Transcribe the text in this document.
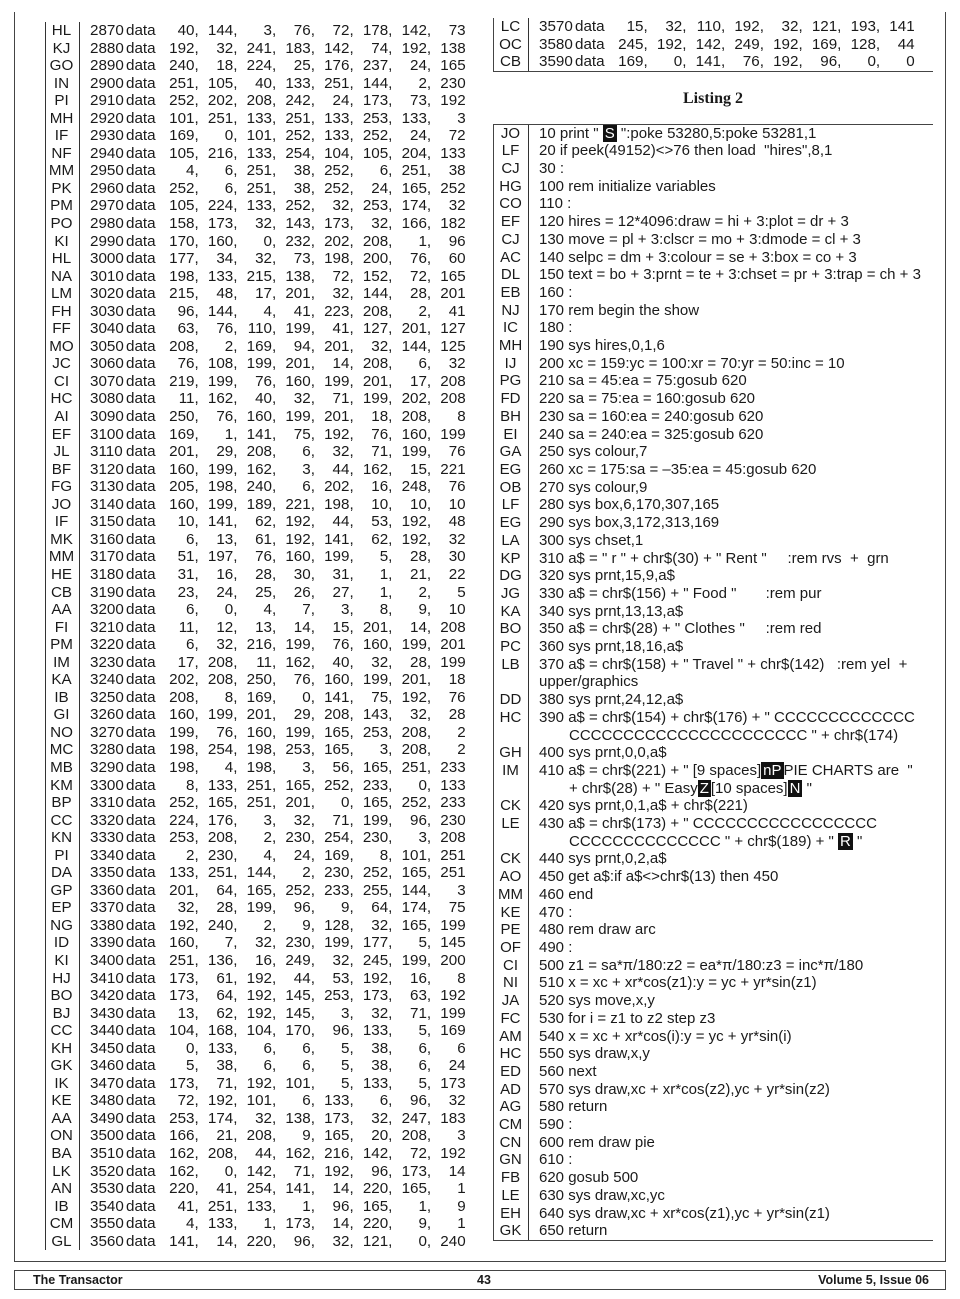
HL	2870 data 40, 144, 3, 76, 72, 178, 142, 73
KJ	2880 data 192, 32, 241, 183, 142, 74, 192, 138
GO	2890 data 240, 18, 224, 25, 176, 237, 24, 165
IN	2900 data 251, 105, 40, 133, 251, 144, 2, 230
PI	2910 data 252, 202, 208, 242, 24, 173, 73, 192
MH	2920 data 101, 251, 133, 251, 133, 253, 133, 3
IF	2930 data 169, 0, 101, 252, 133, 252, 24, 72
NF	2940 data 105, 216, 133, 254, 104, 105, 204, 133
MM	2950 data 4, 6, 251, 38, 252, 6, 251, 38
PK	2960 data 252, 6, 251, 38, 252, 24, 165, 252
PM	2970 data 105, 224, 133, 252, 32, 253, 174, 32
PO	2980 data 158, 173, 32, 143, 173, 32, 166, 182
KI	2990 data 170, 160, 0, 232, 202, 208, 1, 96
HL	3000 data 177, 34, 32, 73, 198, 200, 76, 60
NA	3010 data 198, 133, 215, 138, 72, 152, 72, 165
LM	3020 data 215, 48, 17, 201, 32, 144, 28, 201
FH	3030 data 96, 144, 4, 41, 223, 208, 2, 41
FF	3040 data 63, 76, 110, 199, 41, 127, 201, 127
MO	3050 data 208, 2, 169, 94, 201, 32, 144, 125
JC	3060 data 76, 108, 199, 201, 14, 208, 6, 32
CI	3070 data 219, 199, 76, 160, 199, 201, 17, 208
HC	3080 data 11, 162, 40, 32, 71, 199, 202, 208
AI	3090 data 250, 76, 160, 199, 201, 18, 208, 8
EF	3100 data 169, 1, 141, 75, 192, 76, 160, 199
JL	3110 data 201, 29, 208, 6, 32, 71, 199, 76
BF	3120 data 160, 199, 162, 3, 44, 162, 15, 221
FG	3130 data 205, 198, 240, 6, 202, 16, 248, 76
JO	3140 data 160, 199, 189, 221, 198, 10, 10, 10
IF	3150 data 10, 141, 62, 192, 44, 53, 192, 48
MK	3160 data 6, 13, 61, 192, 141, 62, 192, 32
MM	3170 data 51, 197, 76, 160, 199, 5, 28, 30
HE	3180 data 31, 16, 28, 30, 31, 1, 21, 22
CB	3190 data 23, 24, 25, 26, 27, 1, 2, 5
AA	3200 data 6, 0, 4, 7, 3, 8, 9, 10
FI	3210 data 11, 12, 13, 14, 15, 201, 14, 208
PM	3220 data 6, 32, 216, 199, 76, 160, 199, 201
IM	3230 data 17, 208, 11, 162, 40, 32, 28, 199
KA	3240 data 202, 208, 250, 76, 160, 199, 201, 18
IB	3250 data 208, 8, 169, 0, 141, 75, 192, 76
GI	3260 data 160, 199, 201, 29, 208, 143, 32, 28
NO	3270 data 199, 76, 160, 199, 165, 253, 208, 2
MC	3280 data 198, 254, 198, 253, 165, 3, 208, 2
MB	3290 data 198, 4, 198, 3, 56, 165, 251, 233
KM	3300 data 8, 133, 251, 165, 252, 233, 0, 133
BP	3310 data 252, 165, 251, 201, 0, 165, 252, 233
CC	3320 data 224, 176, 3, 32, 71, 199, 96, 230
KN	3330 data 253, 208, 2, 230, 254, 230, 3, 208
PI	3340 data 2, 230, 4, 24, 169, 8, 101, 251
DA	3350 data 133, 251, 144, 2, 230, 252, 165, 251
GP	3360 data 201, 64, 165, 252, 233, 255, 144, 3
EP	3370 data 32, 28, 199, 96, 9, 64, 174, 75
NG	3380 data 192, 240, 2, 9, 128, 32, 165, 199
ID	3390 data 160, 7, 32, 230, 199, 177, 5, 145
KI	3400 data 251, 136, 16, 249, 32, 245, 199, 200
HJ	3410 data 173, 61, 192, 44, 53, 192, 16, 8
BO	3420 data 173, 64, 192, 145, 253, 173, 63, 192
BJ	3430 data 13, 62, 192, 145, 3, 32, 71, 199
CC	3440 data 104, 168, 104, 170, 96, 133, 5, 169
KH	3450 data 0, 133, 6, 6, 5, 38, 6, 6
GK	3460 data 5, 38, 6, 6, 5, 38, 6, 24
IK	3470 data 173, 71, 192, 101, 5, 133, 5, 173
KE	3480 data 72, 192, 101, 6, 133, 6, 96, 32
AA	3490 data 253, 174, 32, 138, 173, 32, 247, 183
ON	3500 data 166, 21, 208, 9, 165, 20, 208, 3
BA	3510 data 162, 208, 44, 162, 216, 142, 72, 192
LK	3520 data 162, 0, 142, 71, 192, 96, 173, 14
AN	3530 data 220, 41, 254, 141, 14, 220, 165, 1
IB	3540 data 41, 251, 133, 1, 96, 165, 1, 9
CM	3550 data 4, 133, 1, 173, 14, 220, 9, 1
GL	3560 data 141, 14, 220, 96, 32, 121, 0, 240
LC	3570 data 15, 32, 110, 192, 32, 121, 193, 141
OC	3580 data 245, 192, 142, 249, 192, 169, 128, 44
CB	3590 data 169, 0, 141, 76, 192, 96, 0, 0
Listing 2
JO	10 print " S ":poke 53280,5:poke 53281,1
LF	20 if peek(49152)<>76 then load  "hires",8,1
CJ	30 :
HG	100 rem initialize variables
CO	110 :
EF	120 hires = 12*4096:draw = hi + 3:plot = dr + 3
CJ	130 move = pl + 3:clscr = mo + 3:dmode = cl + 3
AC	140 selpc = dm + 3:colour = se + 3:box = co + 3
DL	150 text = bo + 3:prnt = te + 3:chset = pr + 3:trap = ch + 3
EB	160 :
NJ	170 rem begin the show
IC	180 :
MH	190 sys hires,0,1,6
IJ	200 xc = 159:yc = 100:xr = 70:yr = 50:inc = 10
PG	210 sa = 45:ea = 75:gosub 620
FD	220 sa = 75:ea = 160:gosub 620
BH	230 sa = 160:ea = 240:gosub 620
EI	240 sa = 240:ea = 325:gosub 620
GA	250 sys colour,7
EG	260 xc = 175:sa = –35:ea = 45:gosub 620
OB	270 sys colour,9
LF	280 sys box,6,170,307,165
EG	290 sys box,3,172,313,169
LA	300 sys chset,1
KP	310 a$ = " r " + chr$(30) + " Rent "     :rem rvs  +  grn
DG	320 sys prnt,15,9,a$
JG	330 a$ = chr$(156) + " Food "       :rem pur
KA	340 sys prnt,13,13,a$
BO	350 a$ = chr$(28) + " Clothes "     :rem red
PC	360 sys prnt,18,16,a$
LB	370 a$ = chr$(158) + " Travel " + chr$(142)   :rem yel  +
upper/graphics
DD	380 sys prnt,24,12,a$
HC	390 a$ = chr$(154) + chr$(176) + " CCCCCCCCCCCCC
CCCCCCCCCCCCCCCCCCCCCC " + chr$(174)
GH	400 sys prnt,0,0,a$
IM	410 a$ = chr$(221) + " [9 spaces] nP PIE CHARTS are  "
+ chr$(28) + " Easy Z [10 spaces] N "
CK	420 sys prnt,0,1,a$ + chr$(221)
LE	430 a$ = chr$(173) + " CCCCCCCCCCCCCCCCC
CCCCCCCCCCCCCC " + chr$(189) + " R "
CK	440 sys prnt,0,2,a$
AO	450 get a$:if a$<>chr$(13) then 450
MM	460 end
KE	470 :
PE	480 rem draw arc
OF	490 :
CI	500 z1 = sa*π/180:z2 = ea*π/180:z3 = inc*π/180
NI	510 x = xc + xr*cos(z1):y = yc + yr*sin(z1)
JA	520 sys move,x,y
FC	530 for i = z1 to z2 step z3
AM	540 x = xc + xr*cos(i):y = yc + yr*sin(i)
HC	550 sys draw,x,y
ED	560 next
AD	570 sys draw,xc + xr*cos(z2),yc + yr*sin(z2)
AG	580 return
CM	590 :
CN	600 rem draw pie
GN	610 :
FB	620 gosub 500
LE	630 sys draw,xc,yc
EH	640 sys draw,xc + xr*cos(z1),yc + yr*sin(z1)
GK	650 return
The Transactor	43	Volume 5, Issue 06
